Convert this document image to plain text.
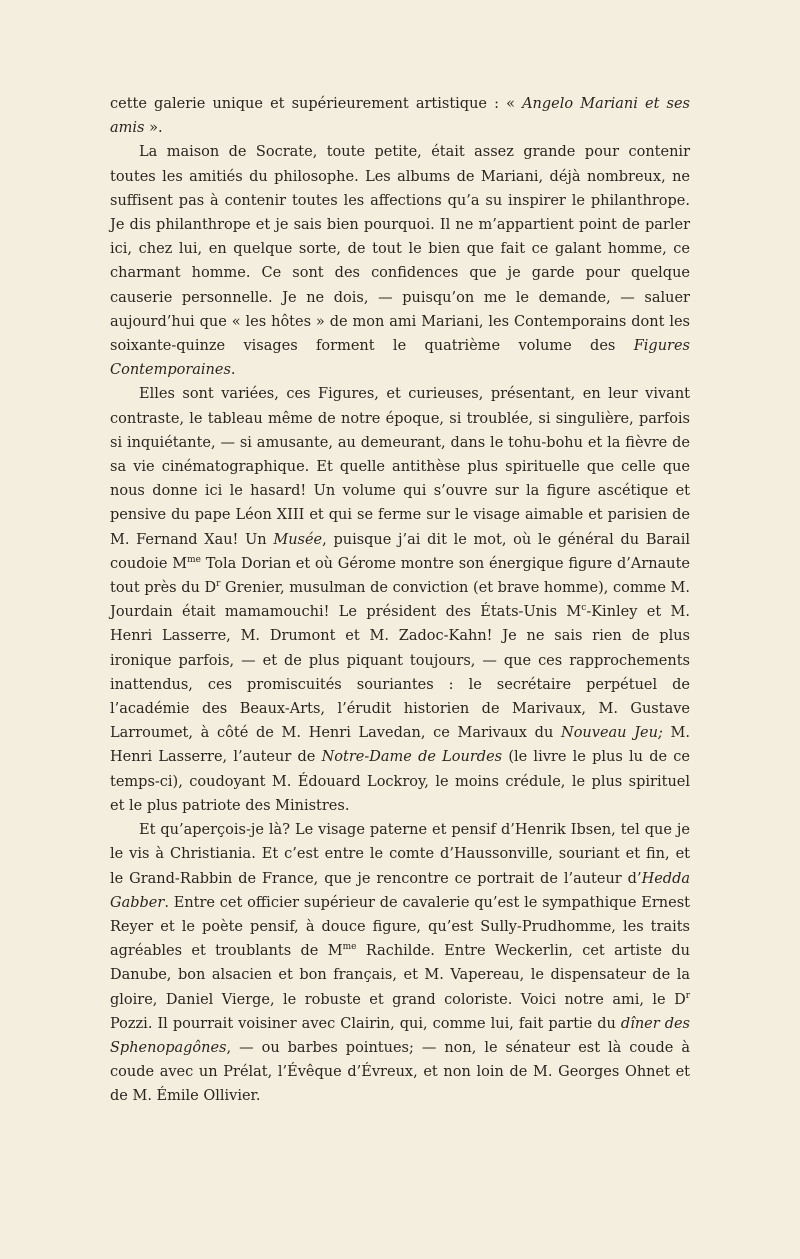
cette galerie unique et supérieurement artistique : « Angelo Mariani et ses amis ».

La maison de Socrate, toute petite, était assez grande pour contenir toutes les amitiés du philosophe. Les albums de Mariani, déjà nombreux, ne suffisent pas à contenir toutes les affections qu’a su inspirer le philanthrope. Je dis philanthrope et je sais bien pourquoi. Il ne m’appartient point de parler ici, chez lui, en quelque sorte, de tout le bien que fait ce galant homme, ce charmant homme. Ce sont des confidences que je garde pour quelque causerie personnelle. Je ne dois, — puisqu’on me le demande, — saluer aujourd’hui que « les hôtes » de mon ami Mariani, les Contemporains dont les soixante-quinze visages forment le quatrième volume des Figures Contemporaines.

Elles sont variées, ces Figures, et curieuses, présentant, en leur vivant contraste, le tableau même de notre époque, si troublée, si singulière, parfois si inquiétante, — si amusante, au demeurant, dans le tohu-bohu et la fièvre de sa vie cinématographique. Et quelle antithèse plus spirituelle que celle que nous donne ici le hasard! Un volume qui s’ouvre sur la figure ascétique et pensive du pape Léon XIII et qui se ferme sur le visage aimable et parisien de M. Fernand Xau! Un Musée, puisque j’ai dit le mot, où le général du Barail coudoie $M^{me}$ Tola Dorian et où Gérome montre son énergique figure d’Arnaute tout près du $D^r$ Grenier, musulman de conviction (et brave homme), comme M. Jourdain était mamamouchi! Le président des États-Unis $M^c$-Kinley et M. Henri Lasserre, M. Drumont et M. Zadoc-Kahn! Je ne sais rien de plus ironique parfois, — et de plus piquant toujours, — que ces rapprochements inattendus, ces promiscuités souriantes : le secrétaire perpétuel de l’académie des Beaux-Arts, l’érudit historien de Marivaux, M. Gustave Larroumet, à côté de M. Henri Lavedan, ce Marivaux du Nouveau Jeu; M. Henri Lasserre, l’auteur de Notre-Dame de Lourdes (le livre le plus lu de ce temps-ci), coudoyant M. Édouard Lockroy, le moins crédule, le plus spirituel et le plus patriote des Ministres.

Et qu’aperçois-je là? Le visage paterne et pensif d’Henrik Ibsen, tel que je le vis à Christiania. Et c’est entre le comte d’Haussonville, souriant et fin, et le Grand-Rabbin de France, que je rencontre ce portrait de l’auteur d’Hedda Gabber. Entre cet officier supérieur de cavalerie qu’est le sympathique Ernest Reyer et le poète pensif, à douce figure, qu’est Sully-Prudhomme, les traits agréables et troublants de $M^{me}$ Rachilde. Entre Weckerlin, cet artiste du Danube, bon alsacien et bon français, et M. Vapereau, le dispensateur de la gloire, Daniel Vierge, le robuste et grand coloriste. Voici notre ami, le $D^r$ Pozzi. Il pourrait voisiner avec Clairin, qui, comme lui, fait partie du dîner des Sphenopagônes, — ou barbes pointues; — non, le sénateur est là coude à coude avec un Prélat, l’Évêque d’Évreux, et non loin de M. Georges Ohnet et de M. Émile Ollivier.
